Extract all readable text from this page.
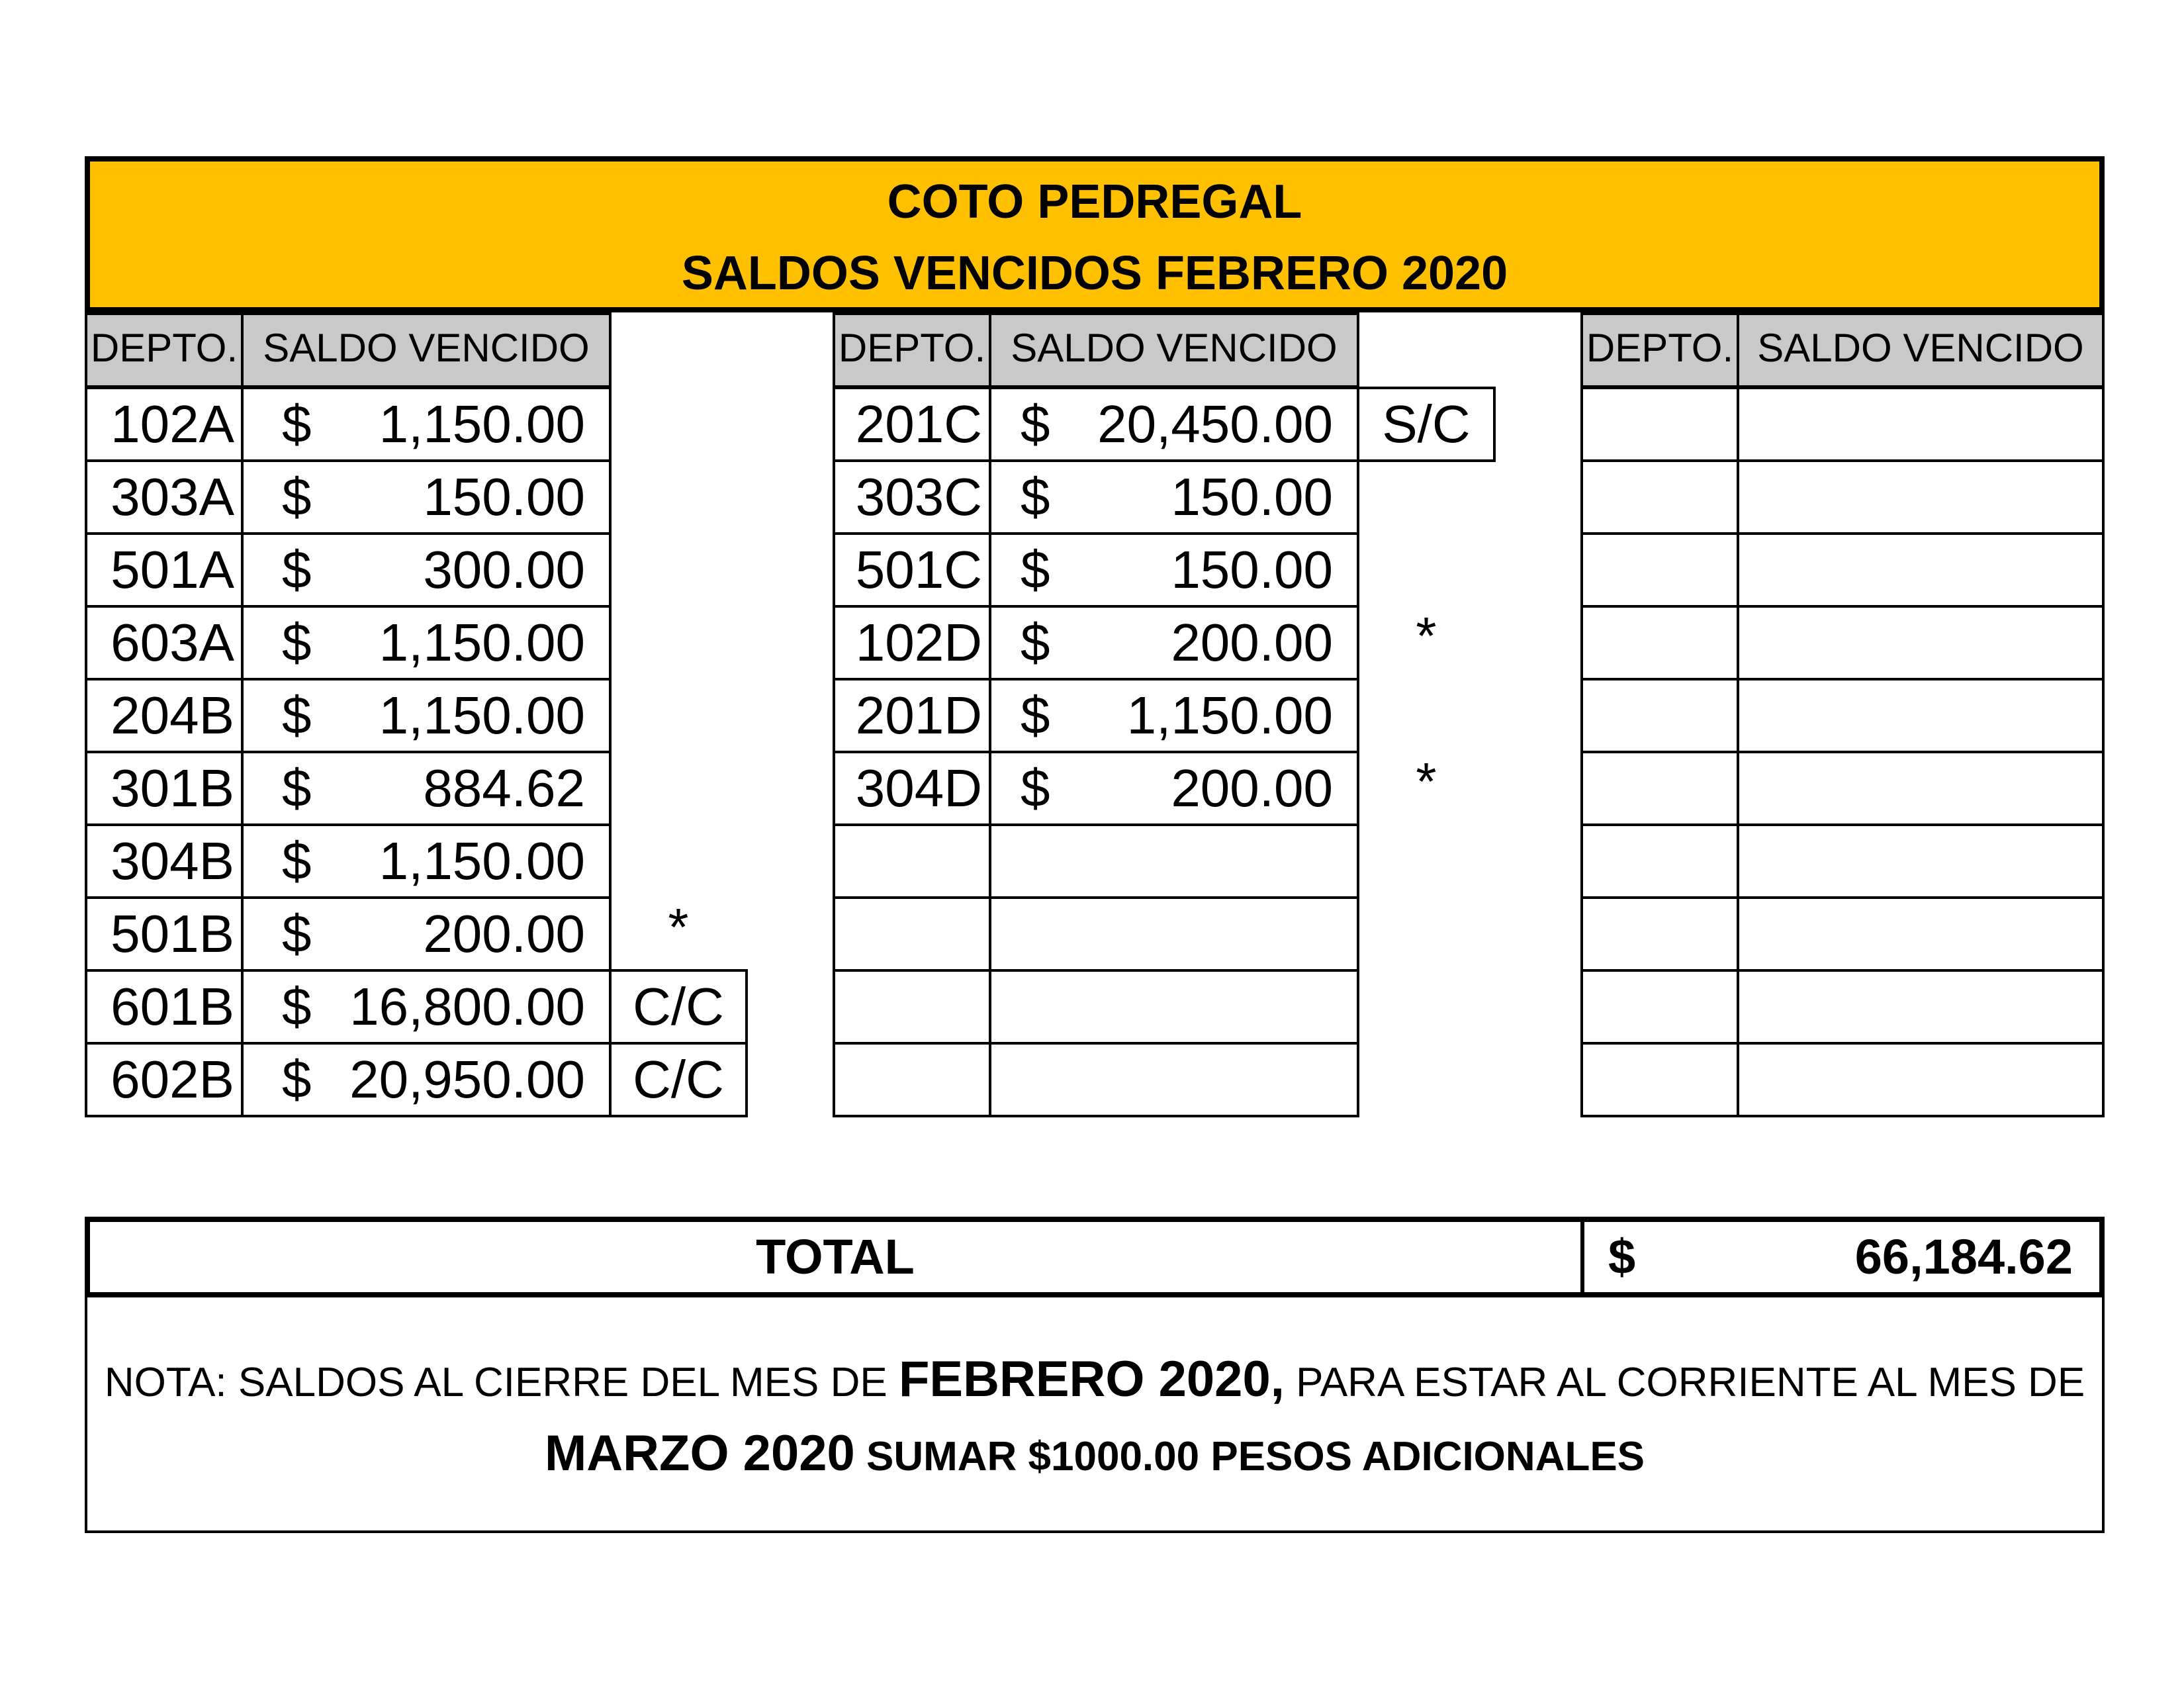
COTO PEDREGAL
SALDOS VENCIDOS FEBRERO 2020
DEPTO. SALDO VENCIDO
102A $ 1,150.00
303A $ 150.00
501A $ 300.00
603A $ 1,150.00
204B $ 1,150.00
301B $ 884.62
304B $ 1,150.00
501B $ 200.00	*
601B $ 16,800.00 C/C
602B $ 20,950.00 C/C
DEPTO. SALDO VENCIDO
201C $ 20,450.00 S/C
303C $ 150.00
501C $ 150.00
102D $ 200.00	*
201D $ 1,150.00
304D $ 200.00	*
DEPTO. SALDO VENCIDO
TOTAL	$	66,184.62
NOTA: SALDOS AL CIERRE DEL MES DE FEBRERO 2020, PARA ESTAR AL CORRIENTE AL MES DE
MARZO 2020 SUMAR $1000.00 PESOS ADICIONALES
